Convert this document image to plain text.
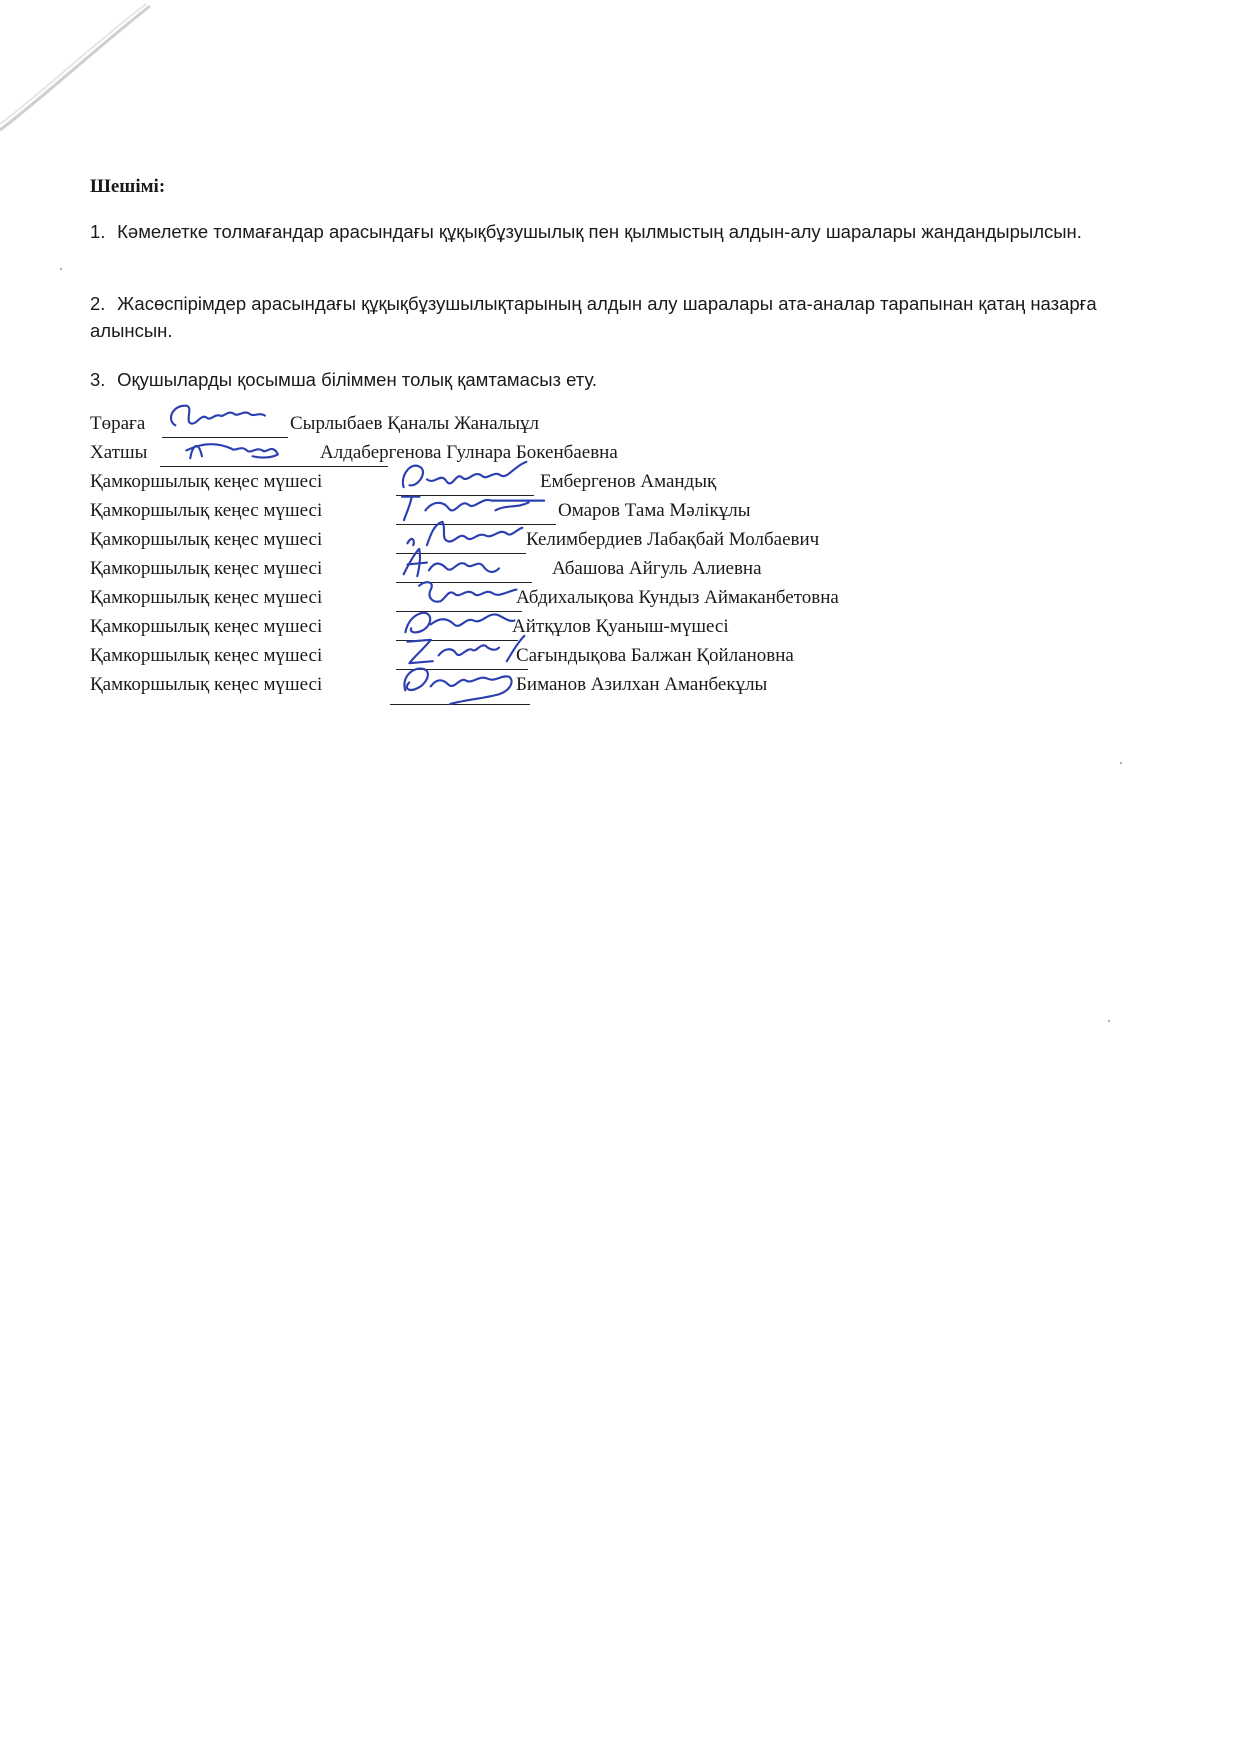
Шешімі:

1. Кәмелетке толмағандар арасындағы құқықбұзушылық пен қылмыстың алдын-алу шаралары жандандырылсын.

2. Жасөспірімдер арасындағы құқықбұзушылықтарының алдын алу шаралары ата-аналар тарапынан қатаң назарға алынсын.

3. Оқушыларды қосымша біліммен толық қамтамасыз ету.

Төраға	Сырлыбаев Қаналы Жаналыұл
Хатшы	Алдабергенова Гулнара Бокенбаевна
Қамкоршылық кеңес мүшесі	Ембергенов Амандық
Қамкоршылық кеңес мүшесі	Омаров Тама Мәлікұлы
Қамкоршылық кеңес мүшесі	Келимбердиев Лабақбай Молбаевич
Қамкоршылық кеңес мүшесі	Абашова Айгуль Алиевна
Қамкоршылық кеңес мүшесі	Абдихалықова Кундыз Аймаканбетовна
Қамкоршылық кеңес мүшесі	Айтқұлов Қуаныш-мүшесі
Қамкоршылық кеңес мүшесі	Сағындықова Балжан Қойлановна
Қамкоршылық кеңес мүшесі	Биманов Азилхан Аманбекұлы
